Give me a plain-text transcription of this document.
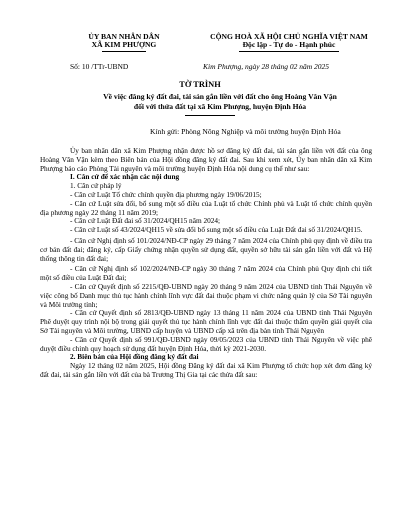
ỦY BAN NHÂN DÂN
XÃ KIM PHƯỢNG
CỘNG HOÀ XÃ HỘI CHỦ NGHĨA VIỆT NAM
Độc lập - Tự do - Hạnh phúc
Số: 10 /TTr-UBND	Kim Phượng, ngày 28 tháng 02 năm 2025
TỜ TRÌNH
Về việc đăng ký đất đai, tài sản gắn liền với đất cho ông Hoàng Văn Vận
đối với thửa đất tại xã Kim Phượng, huyện Định Hóa
Kính gửi: Phòng Nông Nghiệp và môi trường huyện Định Hóa

Ủy ban nhân dân xã Kim Phượng nhận được hồ sơ đăng ký đất đai, tài sản gắn liền với đất của ông Hoàng Văn Vận kèm theo Biên bản của Hội đồng đăng ký đất đai. Sau khi xem xét, Ủy ban nhân dân xã Kim Phượng báo cáo Phòng Tài nguyên và môi trường huyện Định Hóa nội dung cụ thể như sau:

I. Căn cứ để xác nhận các nội dung

1. Căn cứ pháp lý

- Căn cứ Luật Tổ chức chính quyền địa phương ngày 19/06/2015;

- Căn cứ Luật sửa đổi, bổ sung một số điều của Luật tổ chức Chính phủ và Luật tổ chức chính quyền địa phương ngày 22 tháng 11 năm 2019;

- Căn cứ Luật Đất đai số 31/2024/QH15 năm 2024;

- Căn cứ Luật số 43/2024/QH15 về sửa đổi bổ sung một số điều của Luật Đất đai số 31/2024/QH15.

- Căn cứ Nghị định số 101/2024/NĐ-CP ngày 29 tháng 7 năm 2024 của Chính phủ quy định về điều tra cơ bản đất đai; đăng ký, cấp Giấy chứng nhận quyền sử dụng đất, quyền sở hữu tài sản gắn liền với đất và Hệ thống thông tin đất đai;

- Căn cứ Nghị định số 102/2024/NĐ-CP ngày 30 tháng 7 năm 2024 của Chính phủ Quy định chi tiết một số điều của Luật Đất đai;

- Căn cứ Quyết định số 2215/QĐ-UBND ngày 20 tháng 9 năm 2024 của UBND tỉnh Thái Nguyên về việc công bố Danh mục thủ tục hành chính lĩnh vực đất đai thuộc phạm vi chức năng quản lý của Sở Tài nguyên và Môi trường tỉnh;

- Căn cứ Quyết định số 2813/QĐ-UBND ngày 13 tháng 11 năm 2024 của UBND tỉnh Thái Nguyên Phê duyệt quy trình nội bộ trong giải quyết thủ tục hành chính lĩnh vực đất đai thuộc thẩm quyền giải quyết của Sở Tài nguyên và Môi trường, UBND cấp huyện và UBND cấp xã trên địa bàn tỉnh Thái Nguyên

- Căn cứ Quyết định số 991/QĐ-UBND ngày 09/05/2023 của UBND tỉnh Thái Nguyên về việc phê duyệt điều chỉnh quy hoạch sử dụng đất huyện Định Hóa, thời kỳ 2021-2030.

2. Biên bản của Hội đồng đăng ký đất đai

Ngày 12 tháng 02 năm 2025, Hội đồng Đăng ký đất đai xã Kim Phượng tổ chức họp xét đơn đăng ký đất đai, tài sản gắn liền với đất của bà Trương Thị Gia tại các thửa đất sau:
